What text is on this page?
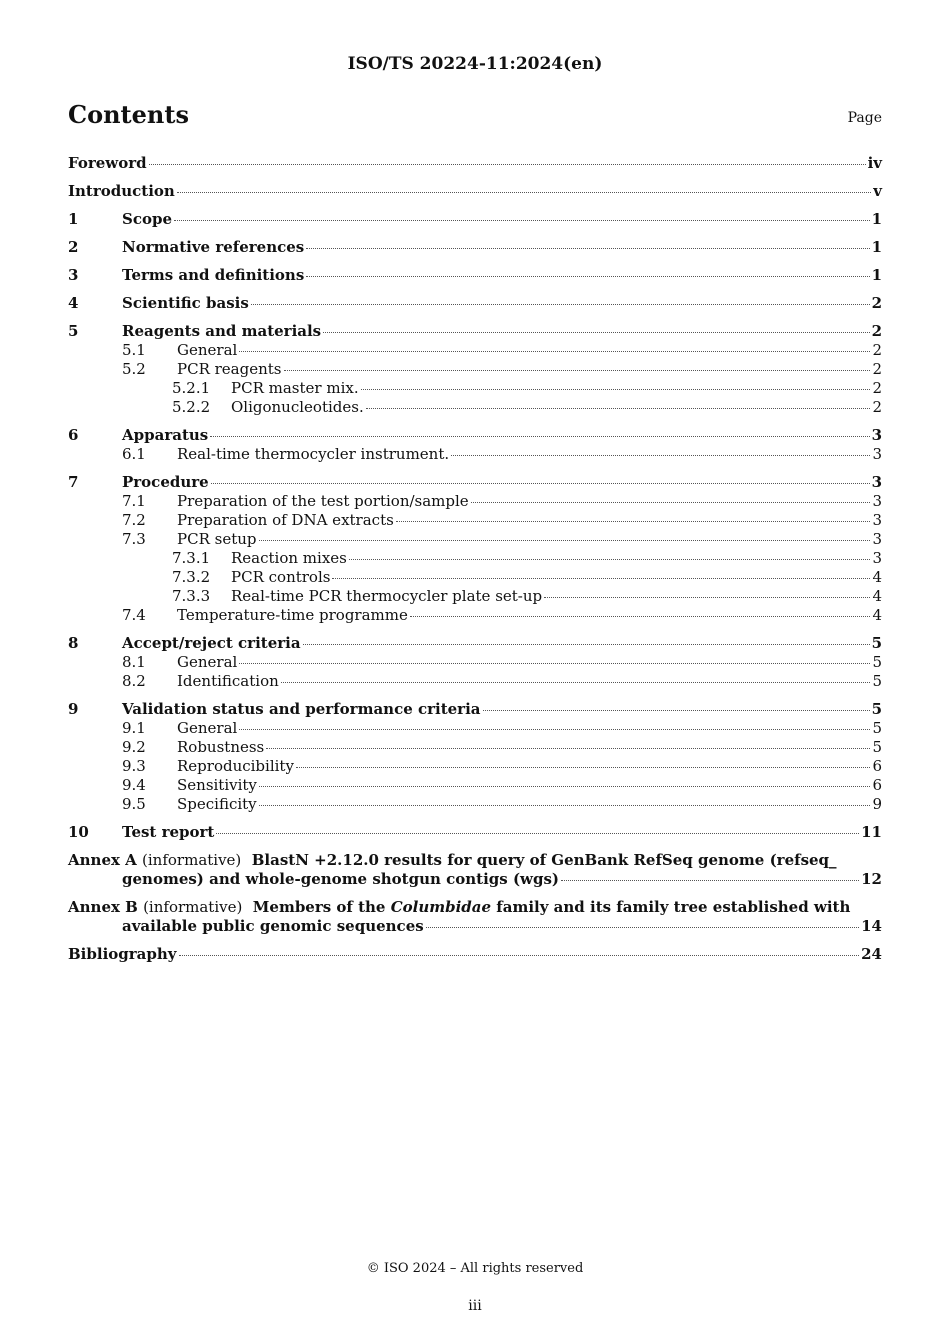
ISO/TS 20224-11:2024(en)
Contents	Page
Foreword	iv
Introduction	v
1	Scope	1
2	Normative references	1
3	Terms and definitions	1
4	Scientific basis	2
5	Reagents and materials	2
5.1	General	2
5.2	PCR reagents	2
5.2.1	PCR master mix.	2
5.2.2	Oligonucleotides.	2
6	Apparatus	3
6.1	Real-time thermocycler instrument.	3
7	Procedure	3
7.1	Preparation of the test portion/sample	3
7.2	Preparation of DNA extracts	3
7.3	PCR setup	3
7.3.1	Reaction mixes	3
7.3.2	PCR controls	4
7.3.3	Real-time PCR thermocycler plate set-up	4
7.4	Temperature-time programme	4
8	Accept/reject criteria	5
8.1	General	5
8.2	Identification	5
9	Validation status and performance criteria	5
9.1	General	5
9.2	Robustness	5
9.3	Reproducibility	6
9.4	Sensitivity	6
9.5	Specificity	9
10	Test report	11
Annex A (informative) BlastN +2.12.0 results for query of GenBank RefSeq genome (refseq_
genomes) and whole-genome shotgun contigs (wgs)	12
Annex B (informative) Members of the Columbidae family and its family tree established with
available public genomic sequences	14
Bibliography	24
© ISO 2024 – All rights reserved
iii
